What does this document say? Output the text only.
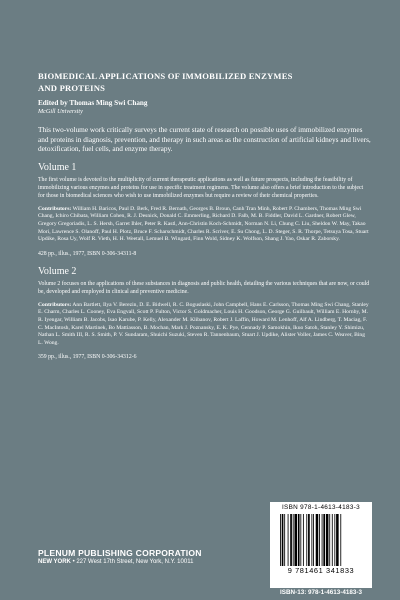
BIOMEDICAL APPLICATIONS OF IMMOBILIZED ENZYMES
AND PROTEINS

Edited by Thomas Ming Swi Chang
McGill University
This two-volume work critically surveys the current state of research on possible uses of immobilized enzymes and proteins in diagnosis, prevention, and therapy in such areas as the construction of artificial kidneys and livers, detoxification, fuel cells, and enzyme therapy.
Volume 1
The first volume is devoted to the multiplicity of current therapeutic applications as well as future prospects, including the feasibility of immobilizing various enzymes and proteins for use in specific treatment regimens. The volume also offers a brief introduction to the subject for those in biomedical sciences who wish to use immobilized enzymes but require a review of their chemical properties.
Contributors: William H. Baricos, Paul D. Berk, Fred R. Bernath, Georges B. Broun, Canh Tran Minh, Robert P. Chambers, Thomas Ming Swi Chang, Ichiro Chibata, William Cohen, R. J. Desnick, Donald C. Emmerling, Richard D. Falb, M. B. Fiddler, David L. Gardner, Robert Glew, Gregory Gregoriadis, L. S. Hersh, Garret Ihler, Peter R. Kastl, Ann-Christin Koch-Schmidt, Norman N. Li, Chung C. Liu, Sheldon W. May, Takao Mori, Lawrence S. Olanoff, Paul H. Plotz, Bruce F. Scharschmidt, Charles R. Scriver, E. Su Chong, L. D. Steger, S. R. Thorpe, Tetsuya Tosa, Stuart Updike, Rosa Uy, Wolf R. Vieth, H. H. Weetall, Lemuel B. Wingard, Finn Wold, Sidney K. Wolfson, Shang J. Yao, Oskar R. Zaborsky.
428 pp., illus., 1977, ISBN 0-306-34311-8
Volume 2
Volume 2 focuses on the applications of these substances in diagnosis and public health, detailing the various techniques that are now, or could be, developed and employed in clinical and preventive medicine.
Contributors: Ann Bartlett, Ilya V. Berezin, D. E. Bidwell, R. C. Boguslaski, John Campbell, Hans E. Carlsson, Thomas Ming Swi Chang, Stanley E. Charm, Charles L. Cooney, Eva Engvall, Scott P. Fulton, Victor S. Goldmacher, Louis H. Goodson, George G. Guilbault, William E. Hornby, M. R. Iyengar, William B. Jacobs, Isao Karube, P. Kelly, Alexander M. Klibanov, Robert J. Laffin, Howard M. Lenhoff, Alf A. Lindberg, T. Maciag, F. C. MacIntosh, Karel Martinek, Bo Mattiasson, B. Mochan, Mark J. Poznansky, E. K. Pye, Gennady P. Samokhin, Ikuo Satoh, Stanley Y. Shimizu, Nathan L. Smith III, R. S. Smith, P. V. Sundaram, Shuichi Suzuki, Steven R. Tannenbaum, Stuart J. Updike, Alister Voller, James C. Weaver, Bing L. Wong.
359 pp., illus., 1977, ISBN 0-306-34312-6
PLENUM PUBLISHING CORPORATION
NEW YORK • 227 West 17th Street, New York, N.Y. 10011
ISBN 978-1-4613-4183-3
9 781461 341833
ISBN-13: 978-1-4613-4183-3
